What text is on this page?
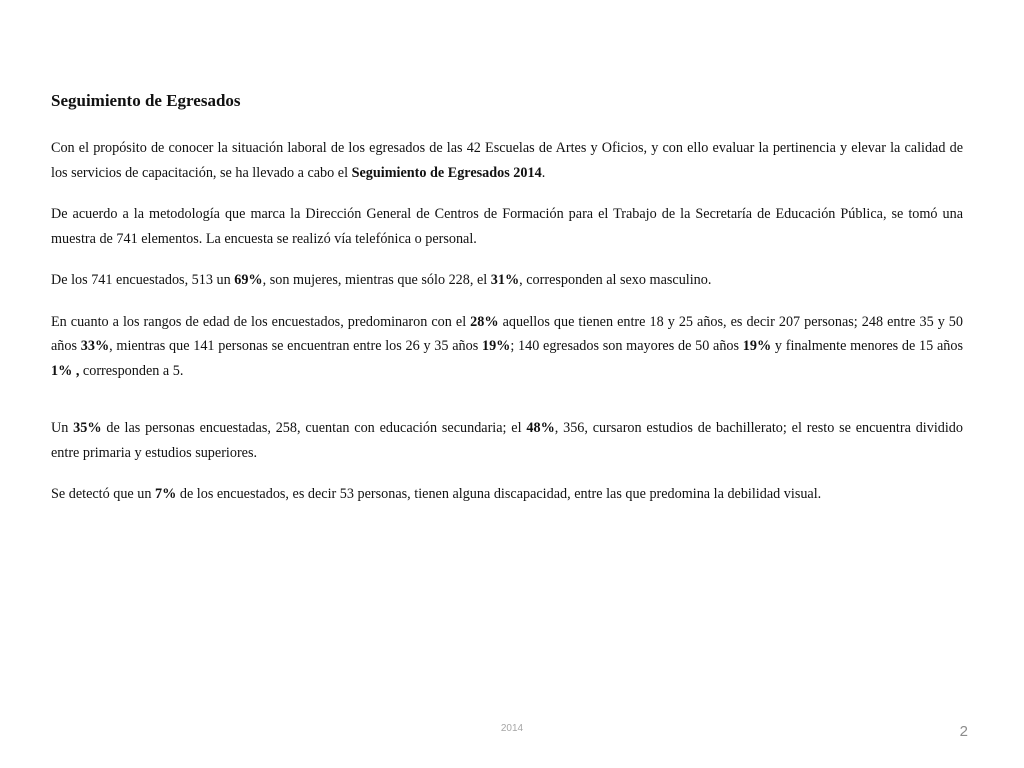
Seguimiento de Egresados

Con el propósito de conocer la situación laboral de los egresados de las 42 Escuelas de Artes y Oficios, y con ello evaluar la pertinencia y elevar la calidad de los servicios de capacitación, se ha llevado a cabo el Seguimiento de Egresados 2014.

De acuerdo a la metodología que marca la Dirección General de Centros de Formación para el Trabajo de la Secretaría de Educación Pública, se tomó una muestra de 741 elementos. La encuesta se realizó vía telefónica o personal.

De los 741 encuestados, 513 un 69%, son mujeres, mientras que sólo 228, el 31%, corresponden al sexo masculino.

En cuanto a los rangos de edad de los encuestados, predominaron con el 28% aquellos que tienen entre 18 y 25 años, es decir 207 personas; 248 entre 35 y 50 años 33%, mientras que 141 personas se encuentran entre los 26 y 35 años 19%; 140 egresados son mayores de 50 años 19% y finalmente menores de 15 años 1% , corresponden a 5.

Un 35% de las personas encuestadas, 258, cuentan con educación secundaria; el 48%, 356, cursaron estudios de bachillerato; el resto se encuentra dividido entre primaria y estudios superiores.

Se detectó que un 7% de los encuestados, es decir 53 personas, tienen alguna discapacidad, entre las que predomina la debilidad visual.

2014	2
